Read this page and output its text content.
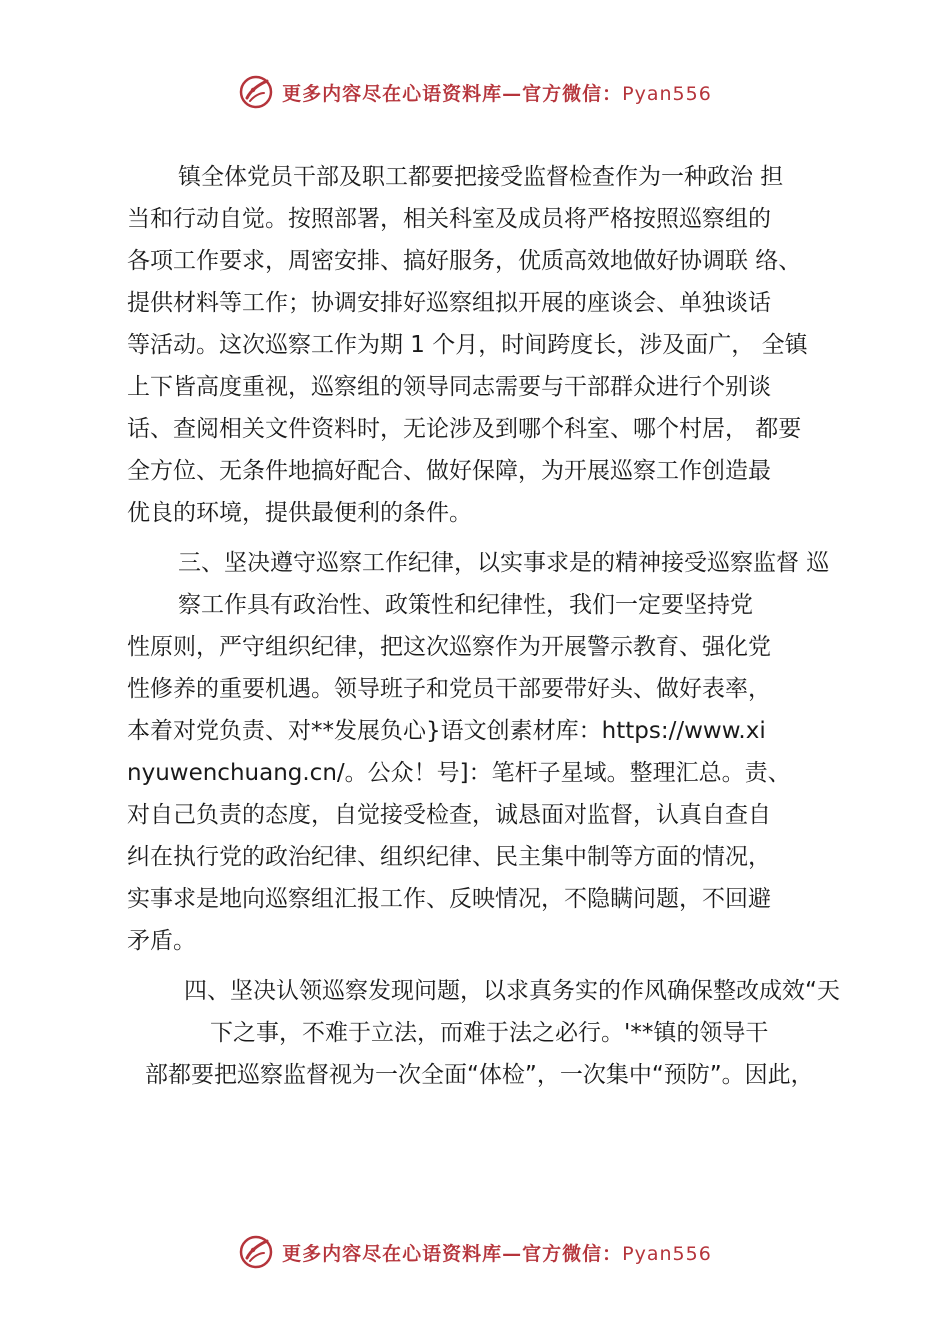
更多内容尽在心语资料库—官方微信：Pyan556
镇全体党员干部及职工都要把接受监督检查作为一种政治 担
当和行动自觉。按照部署，相关科室及成员将严格按照巡察组的
各项工作要求，周密安排、搞好服务，优质高效地做好协调联 络、
提供材料等工作；协调安排好巡察组拟开展的座谈会、单独谈话
等活动。这次巡察工作为期 1 个月，时间跨度长，涉及面广， 全镇
上下皆高度重视，巡察组的领导同志需要与干部群众进行个别谈
话、查阅相关文件资料时，无论涉及到哪个科室、哪个村居， 都要
全方位、无条件地搞好配合、做好保障，为开展巡察工作创造最
优良的环境，提供最便利的条件。
三、坚决遵守巡察工作纪律，以实事求是的精神接受巡察监督 巡
察工作具有政治性、政策性和纪律性，我们一定要坚持党
性原则，严守组织纪律，把这次巡察作为开展警示教育、强化党
性修养的重要机遇。领导班子和党员干部要带好头、做好表率，
本着对党负责、对**发展负心}语文创素材库：https://www.xi
nyuwenchuang.cn/。公众！号]：笔杆子星域。整理汇总。责、
对自己负责的态度，自觉接受检查，诚恳面对监督，认真自查自
纠在执行党的政治纪律、组织纪律、民主集中制等方面的情况，
实事求是地向巡察组汇报工作、反映情况，不隐瞒问题，不回避
矛盾。
四、坚决认领巡察发现问题，以求真务实的作风确保整改成效“天
下之事，不难于立法，而难于法之必行。'**镇的领导干
部都要把巡察监督视为一次全面“体检”，一次集中“预防”。因此，
更多内容尽在心语资料库—官方微信：Pyan556
